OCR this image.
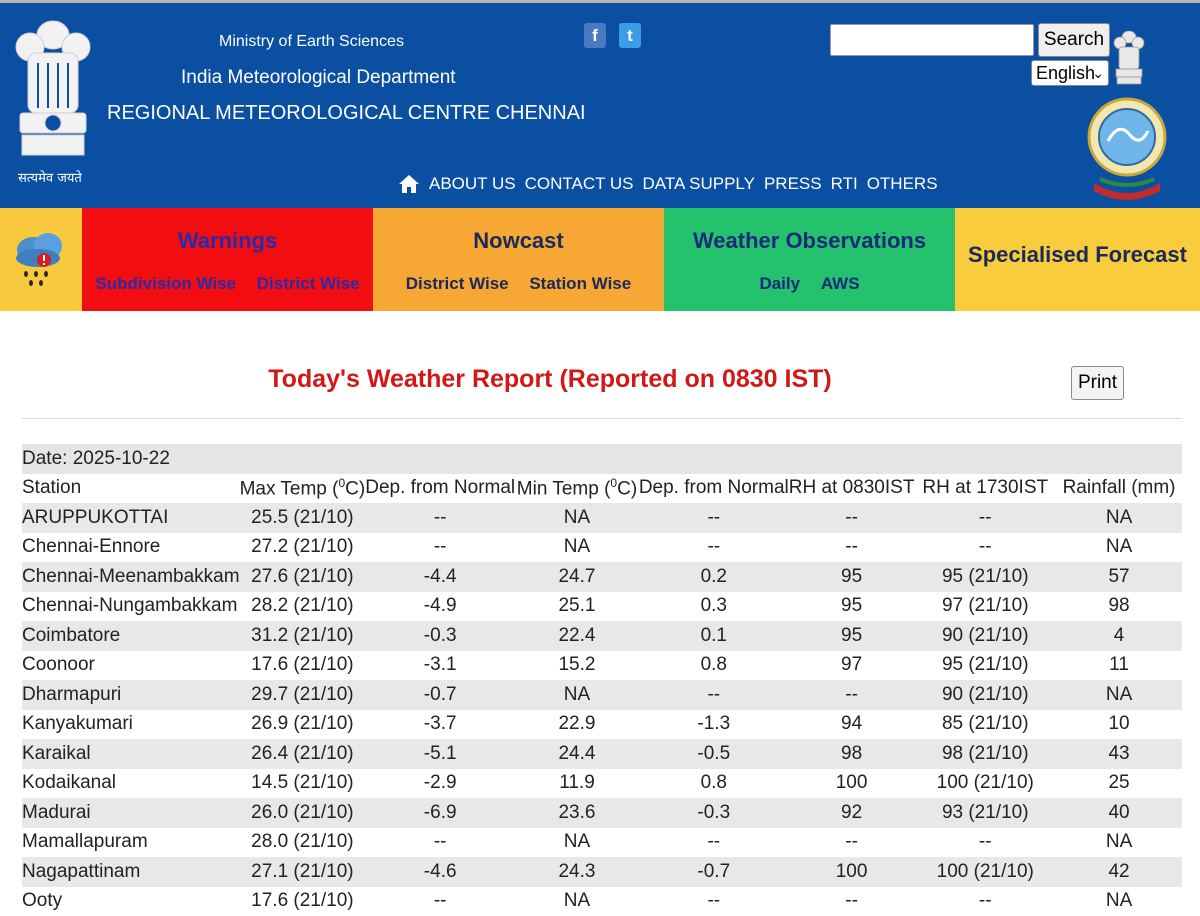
सत्यमेव जयते
Ministry of Earth Sciences
India Meteorological Department
REGIONAL METEOROLOGICAL CENTRE CHENNAI
f	t	Search
English
⌄
ABOUT US CONTACT US DATA SUPPLY PRESS RTI OTHERS
Warnings
Subdivision Wise District Wise
Nowcast
District Wise Station Wise
Weather Observations
Daily AWS
Specialised Forecast
Today's Weather Report (Reported on 0830 IST)	Print
Date: 2025-10-22							
Station	Max Temp ($^0$C)	Dep. from Normal	Min Temp ($^0$C)	Dep. from Normal	RH at 0830IST	RH at 1730IST	Rainfall (mm)
ARUPPUKOTTAI	25.5 (21/10)	--	NA	--	--	--	NA
Chennai-Ennore	27.2 (21/10)	--	NA	--	--	--	NA
Chennai-Meenambakkam	27.6 (21/10)	-4.4	24.7	0.2	95	95 (21/10)	57
Chennai-Nungambakkam	28.2 (21/10)	-4.9	25.1	0.3	95	97 (21/10)	98
Coimbatore	31.2 (21/10)	-0.3	22.4	0.1	95	90 (21/10)	4
Coonoor	17.6 (21/10)	-3.1	15.2	0.8	97	95 (21/10)	11
Dharmapuri	29.7 (21/10)	-0.7	NA	--	--	90 (21/10)	NA
Kanyakumari	26.9 (21/10)	-3.7	22.9	-1.3	94	85 (21/10)	10
Karaikal	26.4 (21/10)	-5.1	24.4	-0.5	98	98 (21/10)	43
Kodaikanal	14.5 (21/10)	-2.9	11.9	0.8	100	100 (21/10)	25
Madurai	26.0 (21/10)	-6.9	23.6	-0.3	92	93 (21/10)	40
Mamallapuram	28.0 (21/10)	--	NA	--	--	--	NA
Nagapattinam	27.1 (21/10)	-4.6	24.3	-0.7	100	100 (21/10)	42
Ooty	17.6 (21/10)	--	NA	--	--	--	NA
